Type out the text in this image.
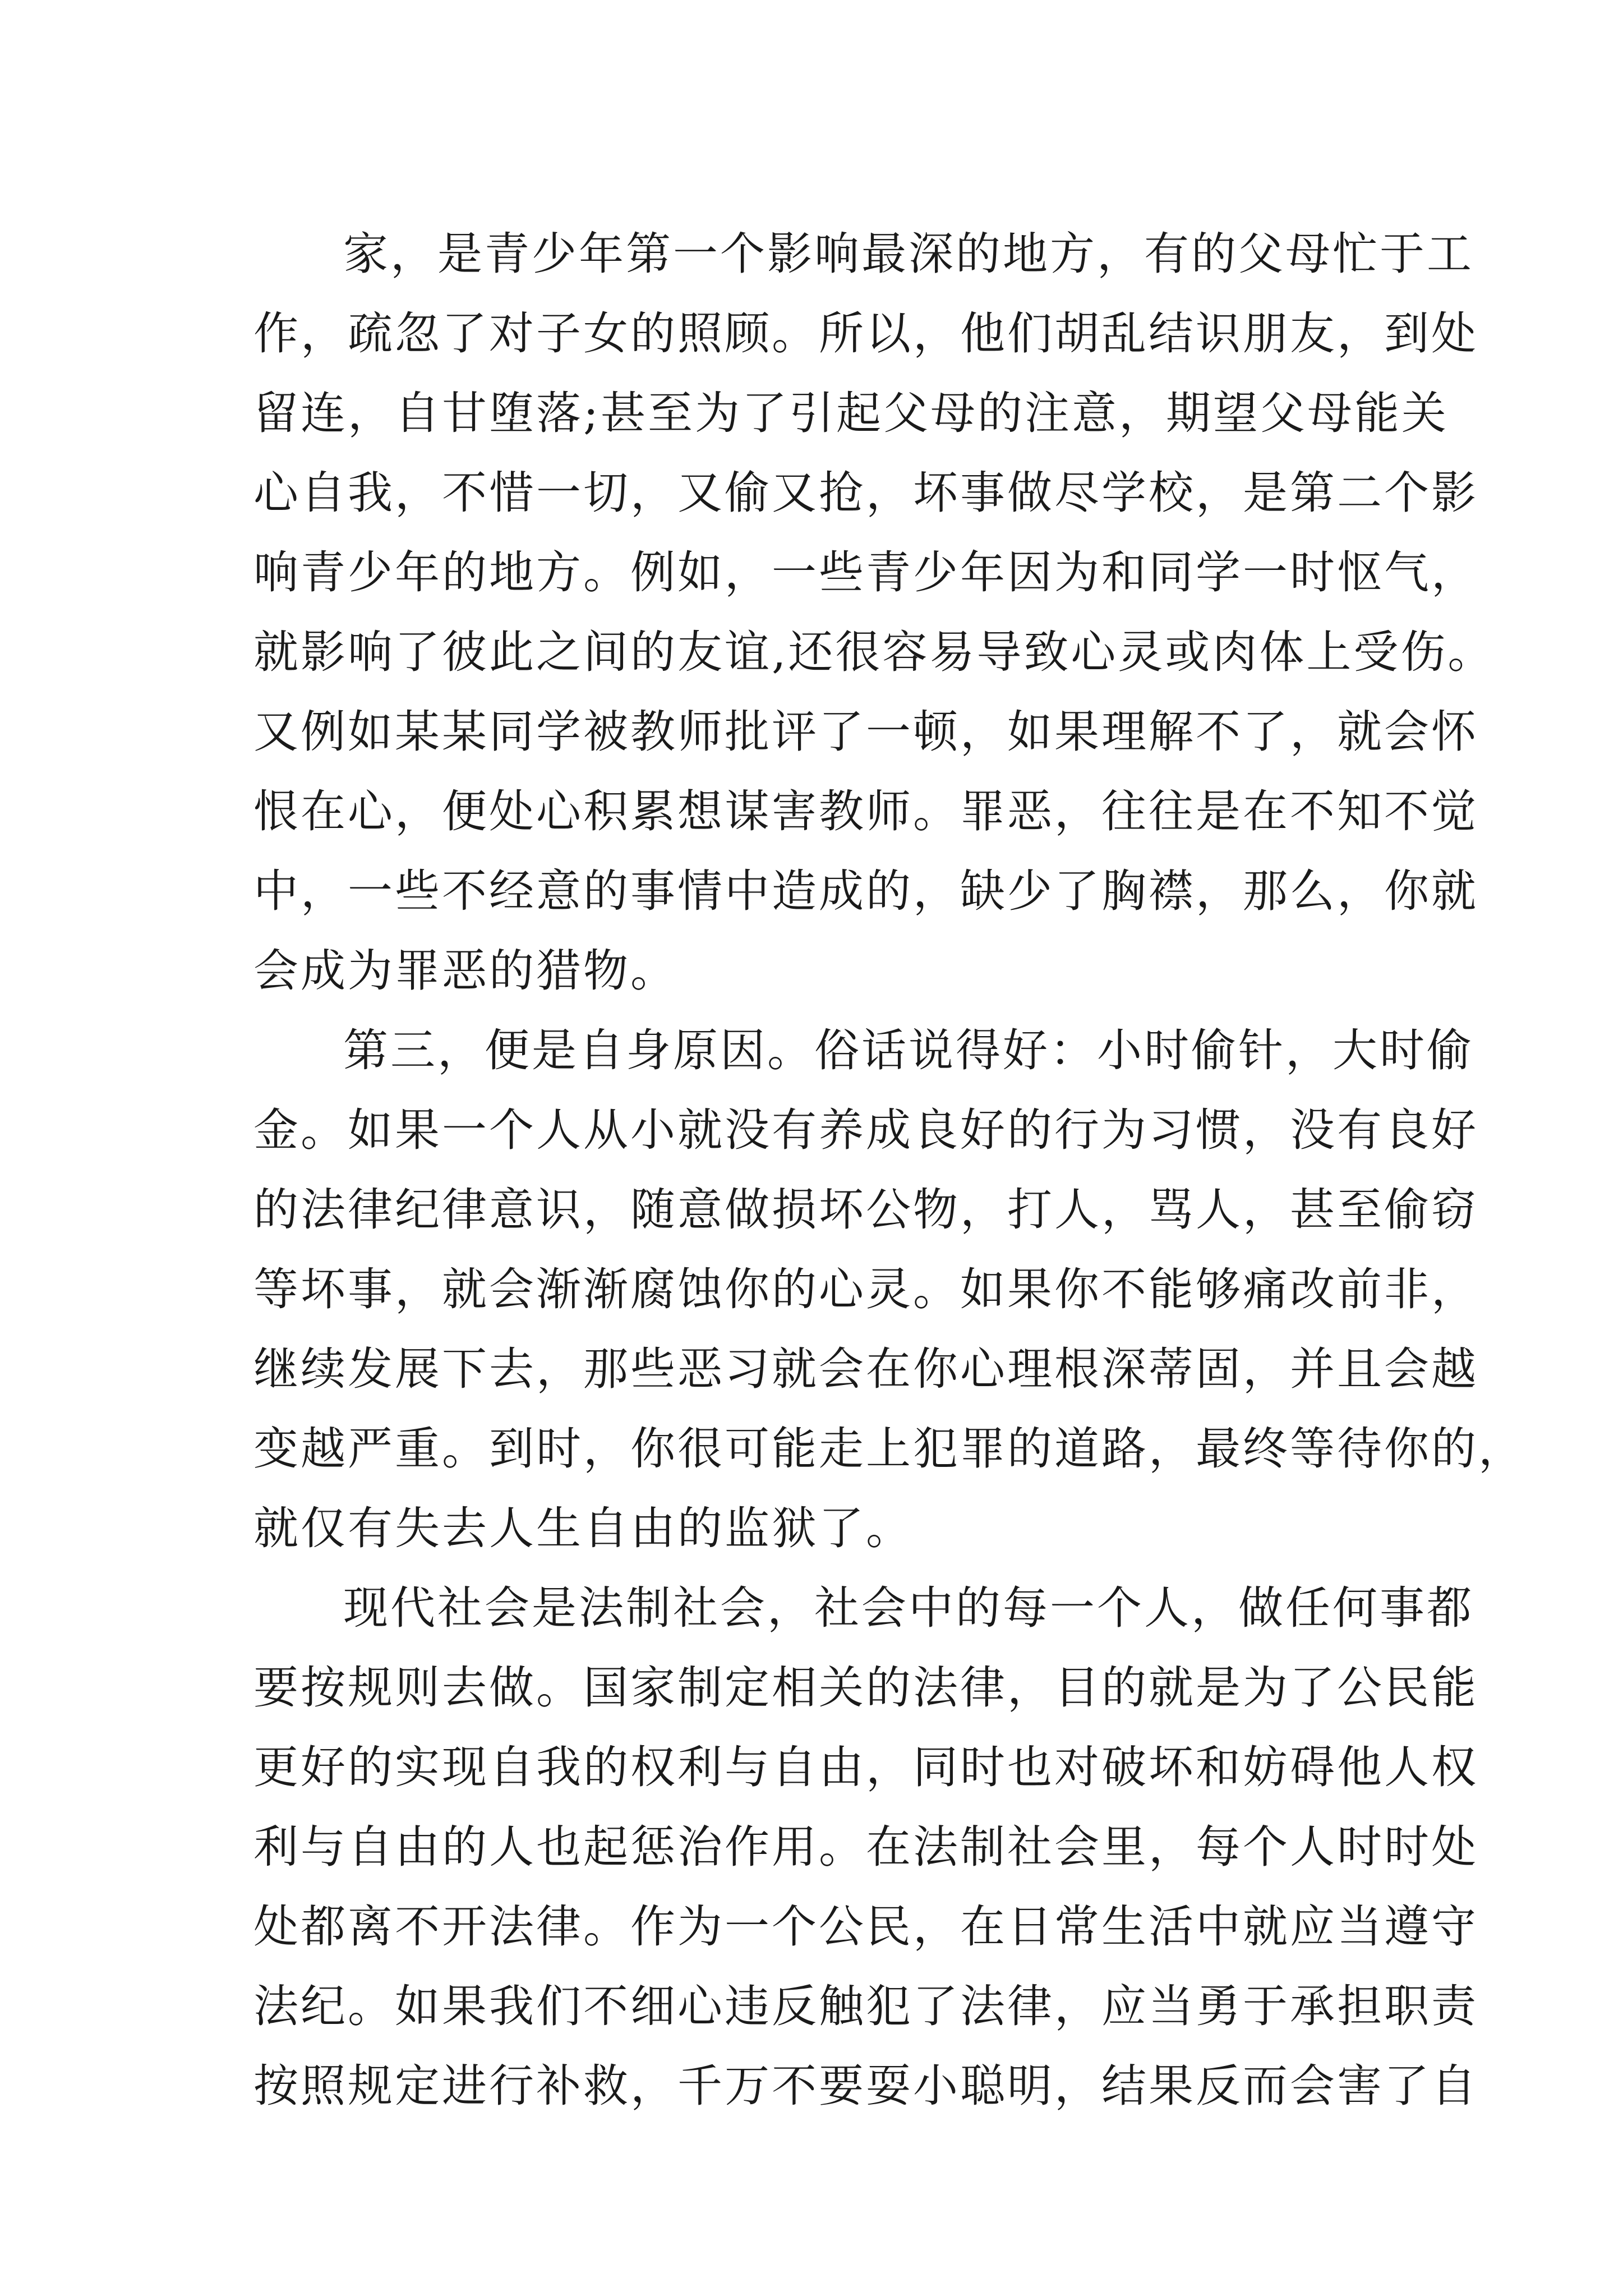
家，是青少年第一个影响最深的地方，有的父母忙于工
作，疏忽了对子女的照顾。所以，他们胡乱结识朋友，到处
留连，自甘堕落;甚至为了引起父母的注意，期望父母能关
心自我，不惜一切，又偷又抢，坏事做尽学校，是第二个影
响青少年的地方。例如，一些青少年因为和同学一时怄气，
就影响了彼此之间的友谊,还很容易导致心灵或肉体上受伤。
又例如某某同学被教师批评了一顿，如果理解不了，就会怀
恨在心，便处心积累想谋害教师。罪恶，往往是在不知不觉
中，一些不经意的事情中造成的，缺少了胸襟，那么，你就
会成为罪恶的猎物。
第三，便是自身原因。俗话说得好：小时偷针，大时偷
金。如果一个人从小就没有养成良好的行为习惯，没有良好
的法律纪律意识，随意做损坏公物，打人，骂人，甚至偷窃
等坏事，就会渐渐腐蚀你的心灵。如果你不能够痛改前非，
继续发展下去，那些恶习就会在你心理根深蒂固，并且会越
变越严重。到时，你很可能走上犯罪的道路，最终等待你的，
就仅有失去人生自由的监狱了。
现代社会是法制社会，社会中的每一个人，做任何事都
要按规则去做。国家制定相关的法律，目的就是为了公民能
更好的实现自我的权利与自由，同时也对破坏和妨碍他人权
利与自由的人也起惩治作用。在法制社会里，每个人时时处
处都离不开法律。作为一个公民，在日常生活中就应当遵守
法纪。如果我们不细心违反触犯了法律，应当勇于承担职责
按照规定进行补救，千万不要耍小聪明，结果反而会害了自
